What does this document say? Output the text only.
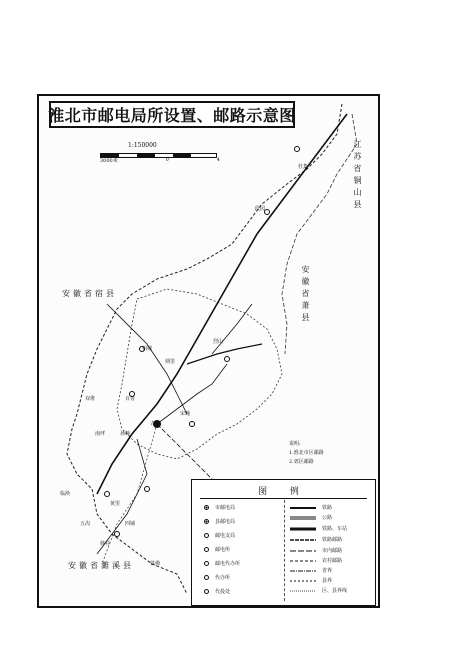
淮北市邮电局所设置、邮路示意图
1:150000
3000米	0	4	江苏省铜山县
安徽省萧县
安徽省宿县
安徽省濉溪县
杜集
段园
烈山
相城
朔里
宋疃
古饶
临涣
南坪
百善
双堆
黄里
四铺
韩村
铁佛
五沟
孙疃
说明:
1.淮北市区邮路
2.郊区邮路
图 例
市邮电局
县邮电局
邮电支局
邮电所
邮电代办所
代办所
代投处
铁路
公路
铁路、车站
铁路邮路
市内邮路
农村邮路
省界
县界
区、县界线
